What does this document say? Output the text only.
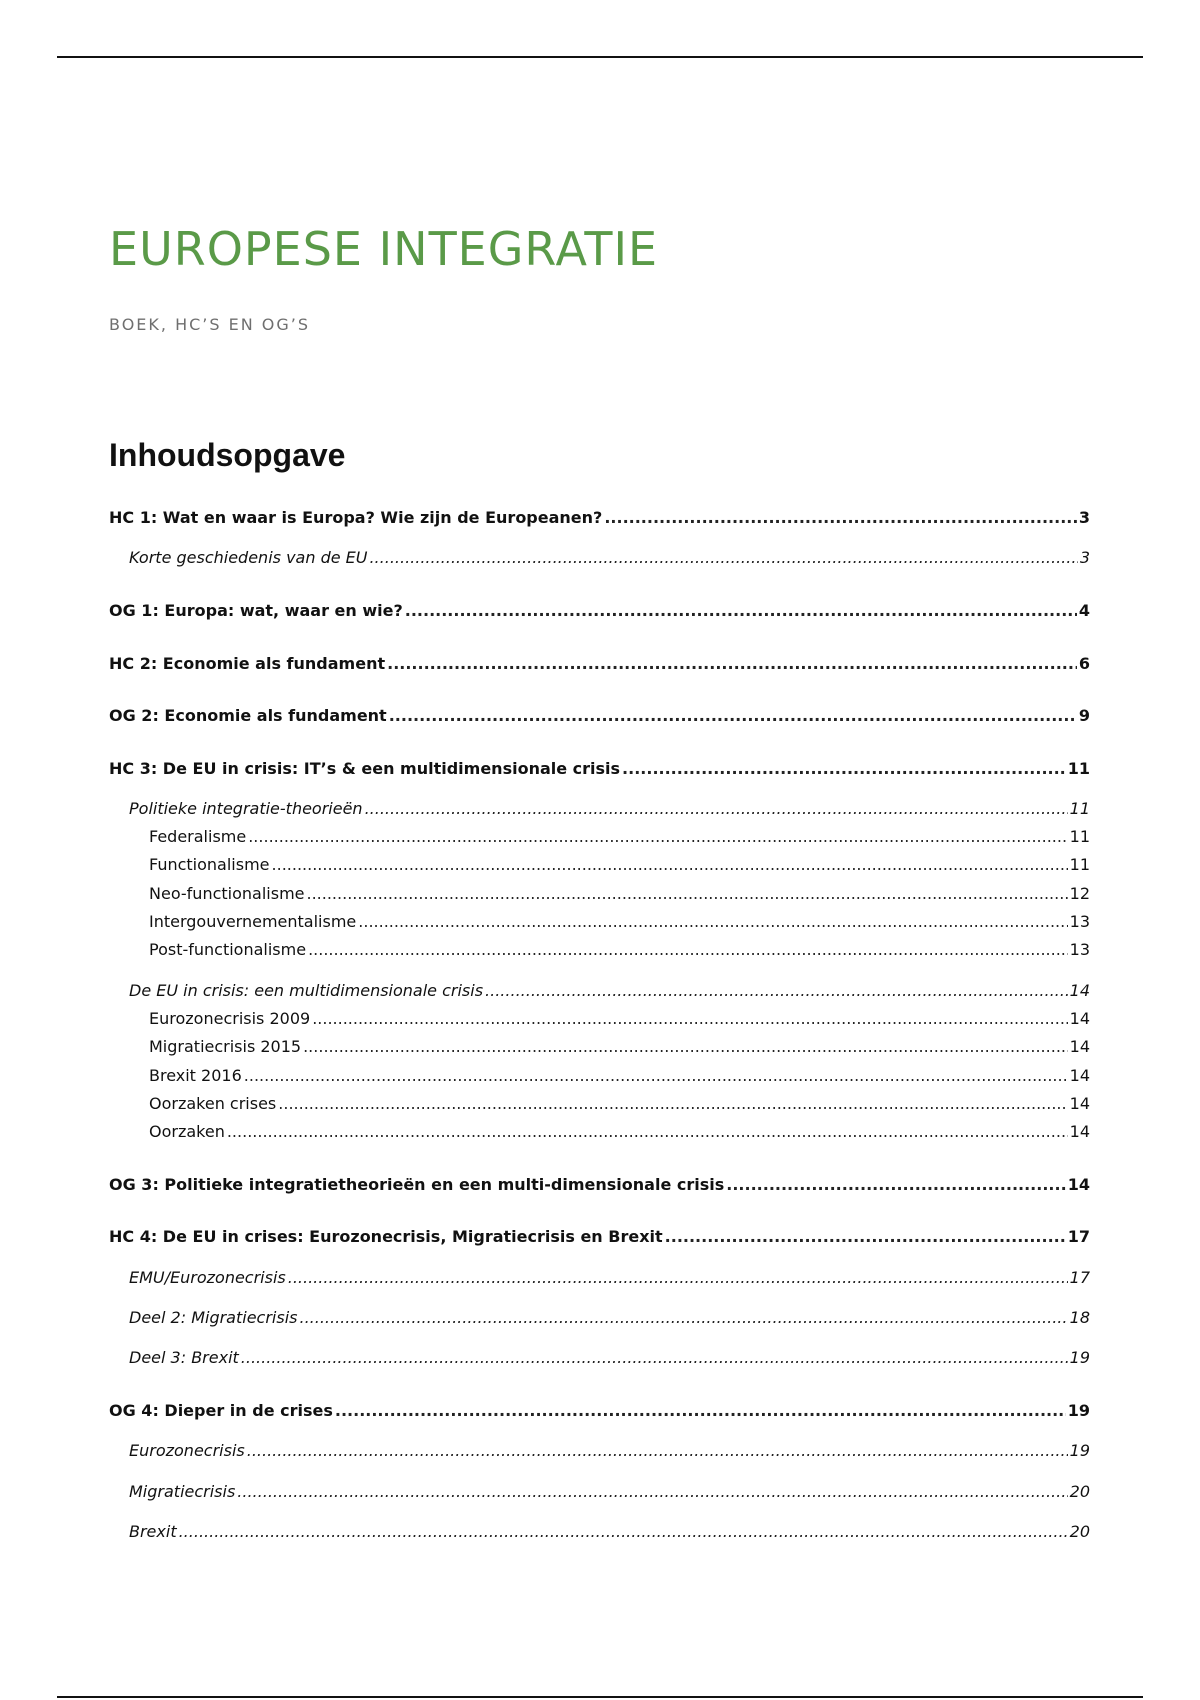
EUROPESE INTEGRATIE
BOEK, HC’S EN OG’S
Inhoudsopgave
HC 1: Wat en waar is Europa? Wie zijn de Europeanen? .....	3
Korte geschiedenis van de EU .....	3
OG 1: Europa: wat, waar en wie? .....	4
HC 2: Economie als fundament .....	6
OG 2: Economie als fundament .....	9
HC 3: De EU in crisis: IT’s & een multidimensionale crisis .....	11
Politieke integratie-theorieën .....	11
Federalisme .....	11
Functionalisme .....	11
Neo-functionalisme .....	12
Intergouvernementalisme .....	13
Post-functionalisme .....	13
De EU in crisis: een multidimensionale crisis .....	14
Eurozonecrisis 2009 .....	14
Migratiecrisis 2015 .....	14
Brexit 2016 .....	14
Oorzaken crises .....	14
Oorzaken .....	14
OG 3: Politieke integratietheorieën en een multi-dimensionale crisis .....	14
HC 4: De EU in crises: Eurozonecrisis, Migratiecrisis en Brexit .....	17
EMU/Eurozonecrisis .....	17
Deel 2: Migratiecrisis .....	18
Deel 3: Brexit .....	19
OG 4: Dieper in de crises .....	19
Eurozonecrisis .....	19
Migratiecrisis .....	20
Brexit .....	20
